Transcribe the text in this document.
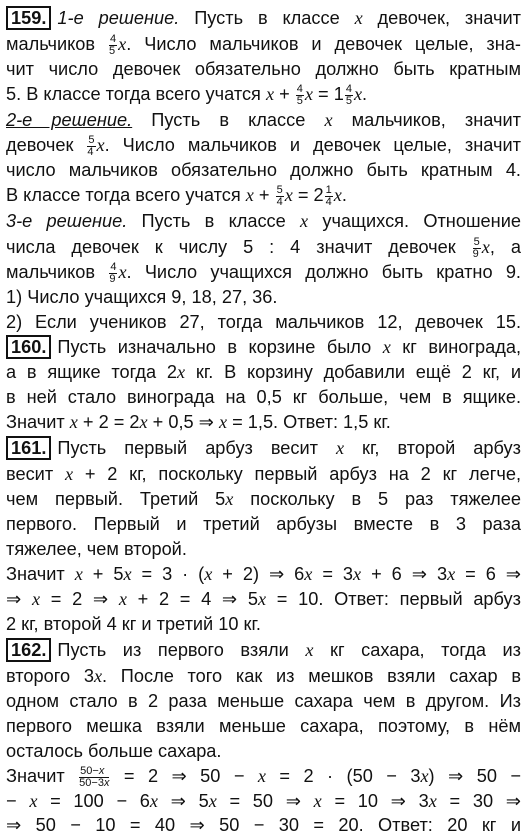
159. 1-е решение. Пусть в классе x девочек, значит
мальчиков $\frac{4}{5} x$. Число мальчиков и девочек целые, зна-
чит число девочек обязательно должно быть кратным
5. В классе тогда всего учатся $x + \frac{4}{5}$ $x = 1 \frac{4}{5} x$.
2-е решение. Пусть в классе x мальчиков, значит
девочек $\frac{5}{4} x$. Число мальчиков и девочек целые, значит
число мальчиков обязательно должно быть кратным 4.
В классе тогда всего учатся $x + \frac{5}{4}$ $x = 2 \frac{1}{4} x$.
3-е решение. Пусть в классе x учащихся. Отношение
числа девочек к числу 5 : 4 значит девочек $\frac{5}{9} x$, а
мальчиков $\frac{4}{9} x$. Число учащихся должно быть кратно 9.
1) Число учащихся 9, 18, 27, 36.
2) Если учеников 27, тогда мальчиков 12, девочек 15.
160. Пусть изначально в корзине было x кг винограда,
а в ящике тогда 2x кг. В корзину добавили ещё 2 кг, и
в ней стало винограда на 0,5 кг больше, чем в ящике.
Значит x + 2 = 2x + 0,5 ⇒ x = 1,5. Ответ: 1,5 кг.
161. Пусть первый арбуз весит x кг, второй арбуз
весит x + 2 кг, поскольку первый арбуз на 2 кг легче,
чем первый. Третий 5x поскольку в 5 раз тяжелее
первого. Первый и третий арбузы вместе в 3 раза
тяжелее, чем второй.
Значит x + 5x = 3 · (x + 2) ⇒ 6x = 3x + 6 ⇒ 3x = 6 ⇒
⇒ x = 2 ⇒ x + 2 = 4 ⇒ 5x = 10. Ответ: первый арбуз
2 кг, второй 4 кг и третий 10 кг.
162. Пусть из первого взяли x кг сахара, тогда из
второго 3x. После того как из мешков взяли сахар в
одном стало в 2 раза меньше сахара чем в другом. Из
первого мешка взяли меньше сахара, поэтому, в нём
осталось больше сахара.
Значит $\frac{50-x}{50-3x} = 2$ ⇒ 50 − x = 2 · (50 − 3x) ⇒ 50 −
− x = 100 − 6x ⇒ 5x = 50 ⇒ x = 10 ⇒ 3x = 30 ⇒
⇒ 50 − 10 = 40 ⇒ 50 − 30 = 20. Ответ: 20 кг и
